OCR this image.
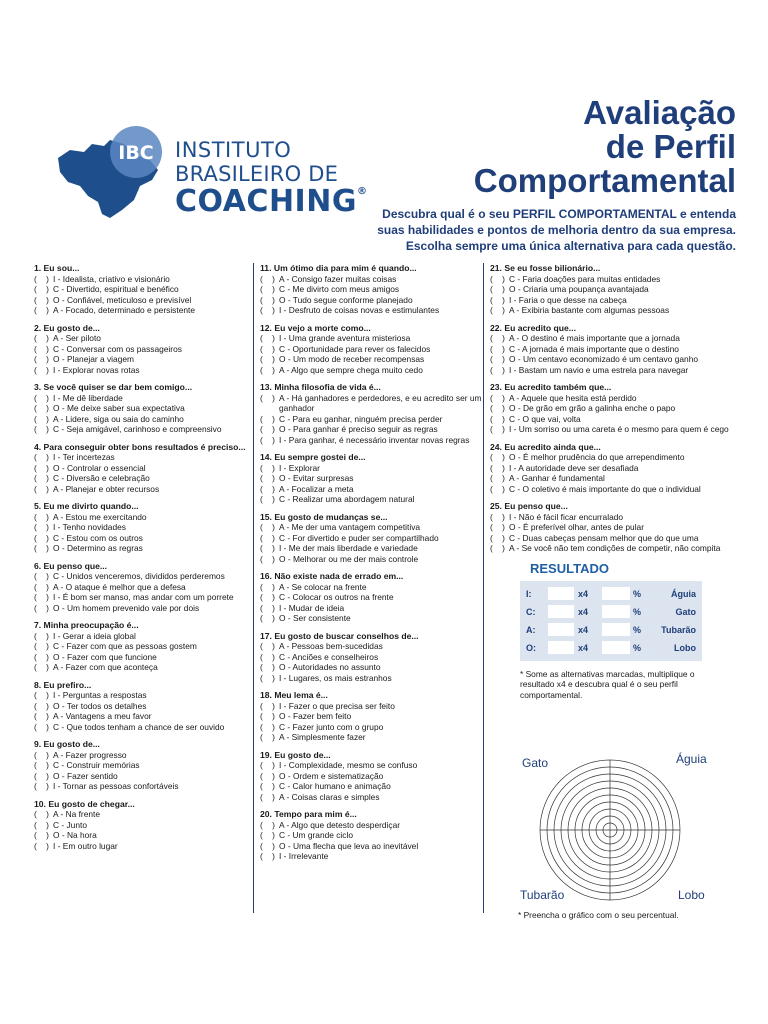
IBC INSTITUTO
BRASILEIRO DE
COACHING®
Avaliação
de Perfil
Comportamental
Descubra qual é o seu PERFIL COMPORTAMENTAL e entenda
suas habilidades e pontos de melhoria dentro da sua empresa.
Escolha sempre uma única alternativa para cada questão.
1. Eu sou...
(    ) I - Idealista, criativo e visionário
(    ) C - Divertido, espiritual e benéfico
(    ) O - Confiável, meticuloso e previsível
(    ) A - Focado, determinado e persistente
2. Eu gosto de...
(    ) A - Ser piloto
(    ) C - Conversar com os passageiros
(    ) O - Planejar a viagem
(    ) I - Explorar novas rotas
3. Se você quiser se dar bem comigo...
(    ) I - Me dê liberdade
(    ) O - Me deixe saber sua expectativa
(    ) A - Lidere, siga ou saia do caminho
(    ) C - Seja amigável, carinhoso e compreensivo
4. Para conseguir obter bons resultados é preciso...
(    ) I - Ter incertezas
(    ) O - Controlar o essencial
(    ) C - Diversão e celebração
(    ) A - Planejar e obter recursos
5. Eu me divirto quando...
(    ) A - Estou me exercitando
(    ) I - Tenho novidades
(    ) C - Estou com os outros
(    ) O - Determino as regras
6. Eu penso que...
(    ) C - Unidos venceremos, divididos perderemos
(    ) A - O ataque é melhor que a defesa
(    ) I - É bom ser manso, mas andar com um porrete
(    ) O - Um homem prevenido vale por dois
7. Minha preocupação é...
(    ) I - Gerar a ideia global
(    ) C - Fazer com que as pessoas gostem
(    ) O - Fazer com que funcione
(    ) A - Fazer com que aconteça
8. Eu prefiro...
(    ) I - Perguntas a respostas
(    ) O - Ter todos os detalhes
(    ) A - Vantagens a meu favor
(    ) C - Que todos tenham a chance de ser ouvido
9. Eu gosto de...
(    ) A - Fazer progresso
(    ) C - Construir memórias
(    ) O - Fazer sentido
(    ) I - Tornar as pessoas confortáveis
10. Eu gosto de chegar...
(    ) A - Na frente
(    ) C - Junto
(    ) O - Na hora
(    ) I - Em outro lugar
11. Um ótimo dia para mim é quando...
(    ) A - Consigo fazer muitas coisas
(    ) C - Me divirto com meus amigos
(    ) O - Tudo segue conforme planejado
(    ) I - Desfruto de coisas novas e estimulantes
12. Eu vejo a morte como...
(    ) I - Uma grande aventura misteriosa
(    ) C - Oportunidade para rever os falecidos
(    ) O - Um modo de receber recompensas
(    ) A - Algo que sempre chega muito cedo
13. Minha filosofia de vida é...
(    ) A - Há ganhadores e perdedores, e eu acredito ser um ganhador
(    ) C - Para eu ganhar, ninguém precisa perder
(    ) O - Para ganhar é preciso seguir as regras
(    ) I - Para ganhar, é necessário inventar novas regras
14. Eu sempre gostei de...
(    ) I - Explorar
(    ) O - Evitar surpresas
(    ) A - Focalizar a meta
(    ) C - Realizar uma abordagem natural
15. Eu gosto de mudanças se...
(    ) A - Me der uma vantagem competitiva
(    ) C - For divertido e puder ser compartilhado
(    ) I - Me der mais liberdade e variedade
(    ) O - Melhorar ou me der mais controle
16. Não existe nada de errado em...
(    ) A - Se colocar na frente
(    ) C - Colocar os outros na frente
(    ) I - Mudar de ideia
(    ) O - Ser consistente
17. Eu gosto de buscar conselhos de...
(    ) A - Pessoas bem-sucedidas
(    ) C - Anciões e conselheiros
(    ) O - Autoridades no assunto
(    ) I - Lugares, os mais estranhos
18. Meu lema é...
(    ) I - Fazer o que precisa ser feito
(    ) O - Fazer bem feito
(    ) C - Fazer junto com o grupo
(    ) A - Simplesmente fazer
19. Eu gosto de...
(    ) I - Complexidade, mesmo se confuso
(    ) O - Ordem e sistematização
(    ) C - Calor humano e animação
(    ) A - Coisas claras e simples
20. Tempo para mim é...
(    ) A - Algo que detesto desperdiçar
(    ) C - Um grande ciclo
(    ) O - Uma flecha que leva ao inevitável
(    ) I - Irrelevante
21. Se eu fosse bilionário...
(    ) C - Faria doações para muitas entidades
(    ) O - Criaria uma poupança avantajada
(    ) I - Faria o que desse na cabeça
(    ) A - Exibiria bastante com algumas pessoas
22. Eu acredito que...
(    ) A - O destino é mais importante que a jornada
(    ) C - A jornada é mais importante que o destino
(    ) O - Um centavo economizado é um centavo ganho
(    ) I - Bastam um navio e uma estrela para navegar
23. Eu acredito também que...
(    ) A - Aquele que hesita está perdido
(    ) O - De grão em grão a galinha enche o papo
(    ) C - O que vai, volta
(    ) I - Um sorriso ou uma careta é o mesmo para quem é cego
24. Eu acredito ainda que...
(    ) O - É melhor prudência do que arrependimento
(    ) I - A autoridade deve ser desafiada
(    ) A - Ganhar é fundamental
(    ) C - O coletivo é mais importante do que o individual
25. Eu penso que...
(    ) I - Não é fácil ficar encurralado
(    ) O - É preferível olhar, antes de pular
(    ) C - Duas cabeças pensam melhor que do que uma
(    ) A - Se você não tem condições de competir, não compita
RESULTADO
I:	x4	%	Águia
C:	x4	%	Gato
A:	x4	%	Tubarão
O:	x4	%	Lobo
* Some as alternativas marcadas, multiplique o resultado x4 e descubra qual é o seu perfil comportamental.
Gato	Águia
Tubarão	Lobo
* Preencha o gráfico com o seu percentual.
